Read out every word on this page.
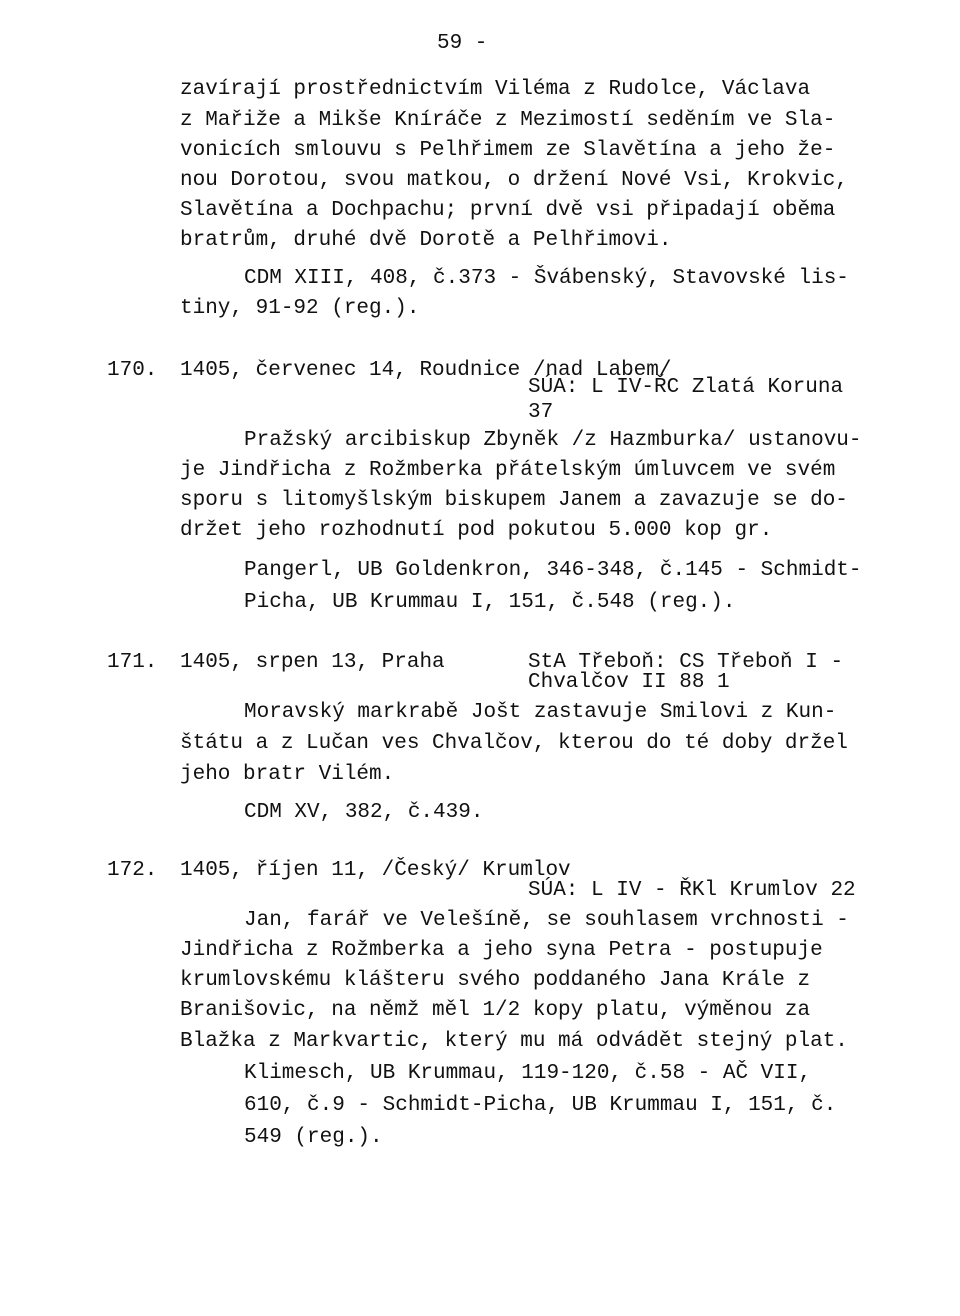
59 -
zavírají prostřednictvím Viléma z Rudolce, Václava
z Mařiže a Mikše Kníráče z Mezimostí sedĕním ve Sla-
vonicích smlouvu s Pelhřimem ze Slavětína a jeho že-
nou Dorotou, svou matkou, o držení Nové Vsi, Krokvic,
Slavětína a Dochpachu; první dvě vsi připadají oběma
bratrům, druhé dvě Dorotě a Pelhřimovi.
CDM XIII, 408, č.373 - Švábenský, Stavovské lis-
tiny, 91-92 (reg.).
170. 1405, červenec 14, Roudnice /nad Labem/
SÚA: L IV-ŘC Zlatá Koruna
37
Pražský arcibiskup Zbyněk /z Hazmburka/ ustanovu-
je Jindřicha z Rožmberka přátelským úmluvcem ve svém
sporu s litomyšlským biskupem Janem a zavazuje se do-
držet jeho rozhodnutí pod pokutou 5.000 kop gr.
Pangerl, UB Goldenkron, 346-348, č.145 - Schmidt-
Picha, UB Krummau I, 151, č.548 (reg.).
171. 1405, srpen 13, Praha	StA Třeboň: CS Třeboň I -
Chvalčov II 88 1
Moravský markrabě Jošt zastavuje Smilovi z Kun-
štátu a z Lučan ves Chvalčov, kterou do té doby držel
jeho bratr Vilém.
CDM XV, 382, č.439.
172. 1405, říjen 11, /Český/ Krumlov
SÚA: L IV - ŘKl Krumlov 22
Jan, farář ve Velešíně, se souhlasem vrchnosti -
Jindřicha z Rožmberka a jeho syna Petra - postupuje
krumlovskému klášteru svého poddaného Jana Krále z
Branišovic, na němž měl 1/2 kopy platu, výměnou za
Blažka z Markvartic, který mu má odvádět stejný plat.
Klimesch, UB Krummau, 119-120, č.58 - AČ VII,
610, č.9 - Schmidt-Picha, UB Krummau I, 151, č.
549 (reg.).
